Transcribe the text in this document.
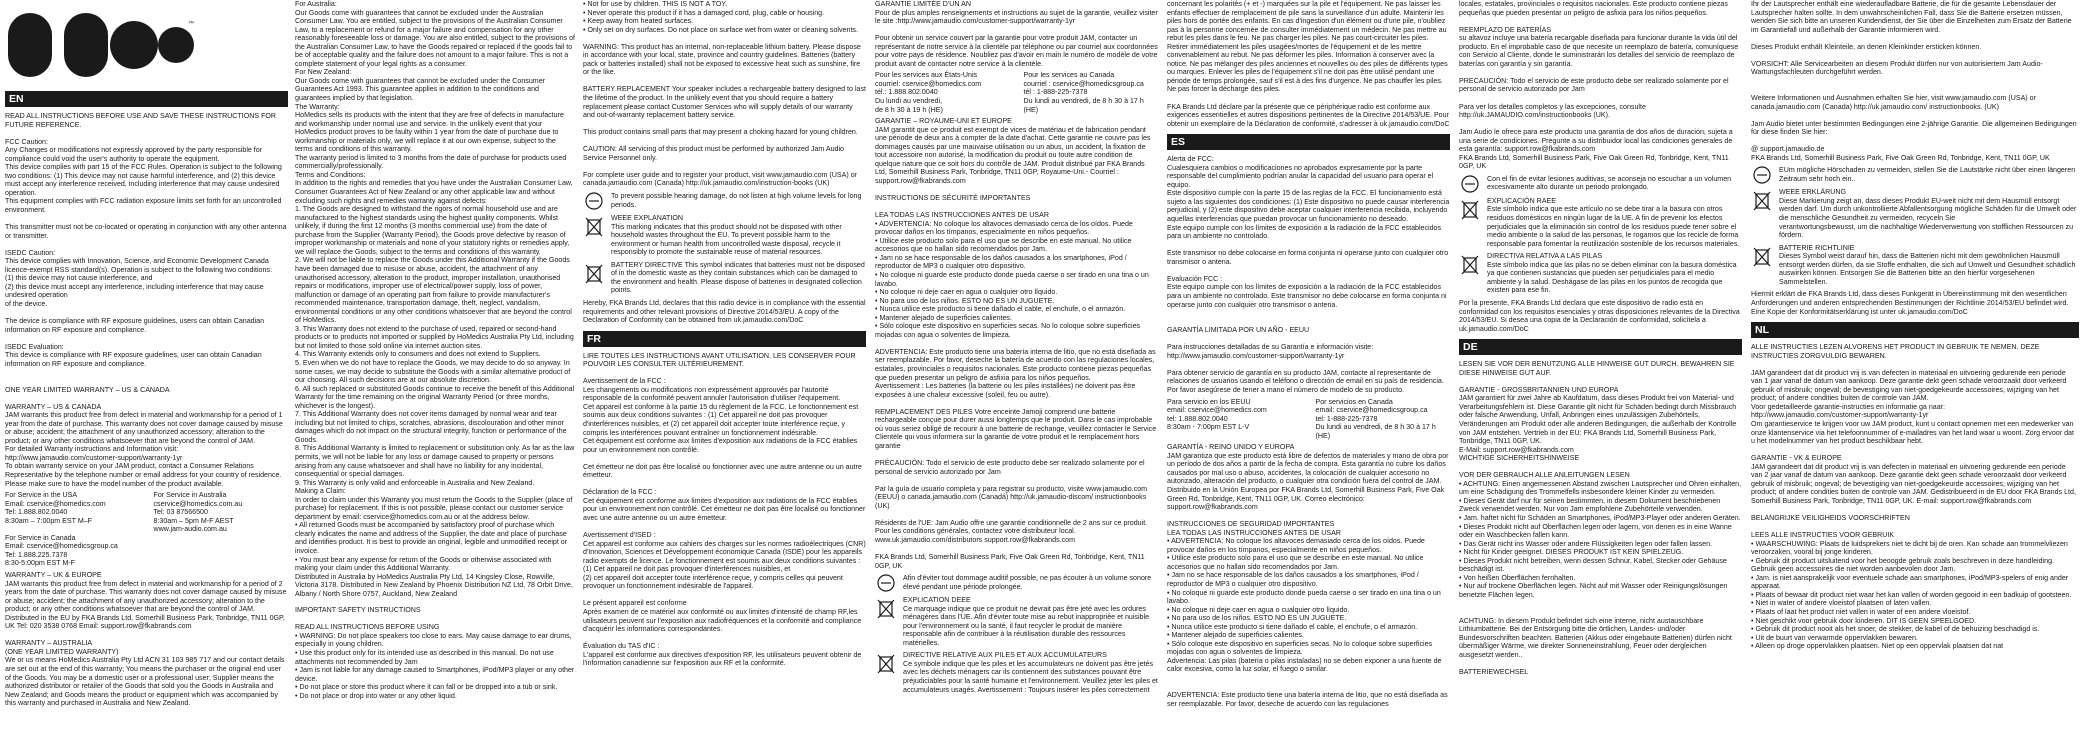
™
EN

READ ALL INSTRUCTIONS BEFORE USE AND SAVE THESE INSTRUCTIONS FOR FUTURE REFERENCE.

FCC Caution:
Any Changes or modifications not expressly approved by the party responsible for compliance could void the user's authority to operate the equipment.
This device complies with part 15 of the FCC Rules. Operation is subject to the following two conditions: (1) This device may not cause harmful interference, and (2) this device must accept any interference received, including interference that may cause undesired operation.
This equipment complies with FCC radiation exposure limits set forth for an uncontrolled environment.

This transmitter must not be co-located or operating in conjunction with any other antenna or transmitter.

ISEDC Caution:
This device complies with Innovation, Science, and Economic Development Canada licence-exempt RSS standard(s). Operation is subject to the following two conditions:
(1) this device may not cause interference, and
(2) this device must accept any interference, including interference that may cause undesired operation
of the device.

The device is compliance with RF exposure guidelines, users can obtain Canadian information on RF exposure and compliance.

ISEDC Evaluation:
This device is compliance with RF exposure guidelines, user can obtain Canadian information on RF exposure and compliance.

ONE YEAR LIMITED WARRANTY – US & CANADA

WARRANTY – US & CANADA
JAM warrants this product free from defect in material and workmanship for a period of 1 year from the date of purchase. This warranty does not cover damage caused by misuse or abuse; accident; the attachment of any unauthorized accessory; alteration to the product; or any other conditions whatsoever that are beyond the control of JAM.
For detailed Warranty instructions and Information visit:
http://www.jamaudio.com/customer-support/warranty-1yr
To obtain warranty service on your JAM product, contact a Consumer Relations Representative by the telephone number or email address for your country of residence. Please make sure to have the model number of the product available.

For Service in the USA
Email: cservice@homedics.com
Tel: 1.888.802.0040
8:30am – 7:00pm EST M–F

For Service in Canada
Email: cservice@homedicsgroup.ca
Tel: 1.888.225.7378
8:30-5:00pm EST M-F

For Service in Australia
cservice@homedics.com.au
Tel: 03 87566500
8:30am – 5pm M-F AEST
www.jam-audio.com.au

WARRANTY – UK & EUROPE
JAM warrants this product free from defect in material and workmanship for a period of 2 years from the date of purchase. This warranty does not cover damage caused by misuse or abuse; accident; the attachment of any unauthorized accessory; alteration to the product; or any other conditions whatsoever that are beyond the control of JAM. Distributed in the EU by FKA Brands Ltd, Somerhill Business Park, Tonbridge, TN11 0GP, UK Tel: 020 3538 0768 Email: support.row@fkabrands.com

WARRANTY – AUSTRALIA
(ONE YEAR LIMITED WARRANTY)
We or us means HoMedics Australia Pty Ltd ACN 31 103 985 717 and our contact details are set out at the end of this warranty; You means the purchaser or the original end user of the Goods. You may be a domestic user or a professional user; Supplier means the authorized distributor or retailer of the Goods that sold you the Goods in Australia and New Zealand; and Goods means the product or equipment which was accompanied by this warranty and purchased in Australia and New Zealand.

For Australia:
Our Goods come with guarantees that cannot be excluded under the Australian Consumer Law. You are entitled, subject to the provisions of the Australian Consumer Law, to a replacement or refund for a major failure and compensation for any other reasonably foreseeable loss or damage. You are also entitled, subject to the provisions of the Australian Consumer Law, to have the Goods repaired or replaced if the goods fail to be of acceptable quality and the failure does not amount to a major failure. This is not a complete statement of your legal rights as a consumer.
For New Zealand:
Our Goods come with guarantees that cannot be excluded under the Consumer Guarantees Act 1993. This guarantee applies in addition to the conditions and guarantees implied by that legislation.
The Warranty:
HoMedics sells its products with the intent that they are free of defects in manufacture and workmanship under normal use and service. In the unlikely event that your HoMedics product proves to be faulty within 1 year from the date of purchase due to workmanship or materials only, we will replace it at our own expense, subject to the terms and conditions of this warranty.
The warranty period is limited to 3 months from the date of purchase for products used commercially/professionally.
Terms and Conditions:
In addition to the rights and remedies that you have under the Australian Consumer Law, Consumer Guarantees Act of New Zealand or any other applicable law and without excluding such rights and remedies warranty against defects:
1. The Goods are designed to withstand the rigors of normal household use and are manufactured to the highest standards using the highest quality components. Whilst unlikely, if during the first 12 months (3 months commercial use) from the date of purchase from the Supplier (Warranty Period), the Goods prove defective by reason of improper workmanship or materials and none of your statutory rights or remedies apply, we will replace the Goods, subject to the terms and conditions of this warranty.
2. We will not be liable to replace the Goods under this Additional Warranty if the Goods have been damaged due to misuse or abuse, accident, the attachment of any unauthorised accessory, alteration to the product, improper installation, unauthorised repairs or modifications, improper use of electrical/power supply, loss of power, malfunction or damage of an operating part from failure to provide manufacturer's recommended maintenance, transportation damage, theft, neglect, vandalism, environmental conditions or any other conditions whatsoever that are beyond the control of HoMedics.
3. This Warranty does not extend to the purchase of used, repaired or second-hand products or to products not imported or supplied by HoMedics Australia Pty Ltd, including but not limited to those sold online via internet auction sites.
4. This Warranty extends only to consumers and does not extend to Suppliers.
5. Even when we do not have to replace the Goods, we may decide to do so anyway. In some cases, we may decide to substitute the Goods with a similar alternative product of our choosing. All such decisions are at our absolute discretion.
6. All such replaced or substituted Goods continue to receive the benefit of this Additional Warranty for the time remaining on the original Warranty Period (or three months, whichever is the longest).
7. This Additional Warranty does not cover items damaged by normal wear and tear including but not limited to chips, scratches, abrasions, discolouration and other minor damages which do not impact on the structural integrity, function or performance of the Goods.
8. This Additional Warranty is limited to replacement or substitution only. As far as the law permits, we will not be liable for any loss or damage caused to property or persons arising from any cause whatsoever and shall have no liability for any incidental, consequential or special damages.
9. This Warranty is only valid and enforceable in Australia and New Zealand.
Making a Claim:
In order to claim under this Warranty you must return the Goods to the Supplier (place of purchase) for replacement. If this is not possible, please contact our customer service department by email: cservice@homedics.com.au or at the address below.
• All returned Goods must be accompanied by satisfactory proof of purchase which clearly indicates the name and address of the Supplier, the date and place of purchase and identifies product. It is best to provide an original, legible and unmodified receipt or invoice.
• You must bear any expense for return of the Goods or otherwise associated with making your claim under this Additional Warranty.
Distributed in Australia by HoMedics Australia Pty Ltd, 14 Kingsley Close, Rowville, Victoria 3178. Distributed in New Zealand by Phoenix Distribution NZ Ltd, 78 Orbit Drive, Albany / North Shore 0757, Auckland, New Zealand

IMPORTANT SAFETY INSTRUCTIONS

READ ALL INSTRUCTIONS BEFORE USING
• WARNING: Do not place speakers too close to ears. May cause damage to ear drums, especially in young children.
• Use this product only for its intended use as described in this manual. Do not use attachments not recommended by Jam
• Jam is not liable for any damage caused to Smartphones, iPod/MP3 player or any other device.
• Do not place or store this product where it can fall or be dropped into a tub or sink.
• Do not place or drop into water or any other liquid.

• Not for use by children. THIS IS NOT A TOY.
• Never operate this product if it has a damaged cord, plug, cable or housing.
• Keep away from heated surfaces.
• Only set on dry surfaces. Do not place on surface wet from water or cleaning solvents.

WARNING: This product has an internal, non-replaceable lithium battery. Please dispose in accordance with your local, state, province and country guidelines. Batteries (battery pack or batteries installed) shall not be exposed to excessive heat such as sunshine, fire or the like.

BATTERY REPLACEMENT Your speaker includes a rechargeable battery designed to last the lifetime of the product. In the unlikely event that you should require a battery replacement please contact Customer Services who will supply details of our warranty and out-of-warranty replacement battery service.

This product contains small parts that may present a choking hazard for young children.

CAUTION: All servicing of this product must be performed by authorized Jam Audio Service Personnel only.

For complete user guide and to register your product, visit www.jamaudio.com (USA) or canada.jamaudio.com (Canada) http://uk.jamaudio.com/instruction-books (UK)

To prevent possible hearing damage, do not listen at high volume levels for long periods.

WEEE EXPLANATION
This marking indicates that this product should not be disposed with other household wastes throughout the EU. To prevent possible harm to the environment or human health from uncontrolled waste disposal, recycle it responsibly to promote the sustainable reuse of material resources.

BATTERY DIRECTIVE This symbol indicates that batteries must not be disposed of in the domestic waste as they contain substances which can be damaged to the environment and health. Please dispose of batteries in designated collection points.

Hereby, FKA Brands Ltd, declares that this radio device is in compliance with the essential requirements and other relevant provisions of Directive 2014/53/EU. A copy of the Declaration of Conformity can be obtained from uk.jamaudio.com/DoC

FR

LIRE TOUTES LES INSTRUCTIONS AVANT UTILISATION. LES CONSERVER POUR POUVOIR LES CONSULTER ULTÉRIEUREMENT.

Avertissement de la FCC :
Les changements ou modifications non expressément approuvés par l'autorité responsable de la conformité peuvent annuler l'autorisation d'utiliser l'équipement.
Cet appareil est conforme à la partie 15 du règlement de la FCC. Le fonctionnement est soumis aux deux conditions suivantes : (1) Cet appareil ne doit pas provoquer d'interférences nuisibles, et (2) cet appareil doit accepter toute interférence reçue, y compris les interférences pouvant entraîner un fonctionnement indésirable.
Cet équipement est conforme aux limites d'exposition aux radiations de la FCC établies pour un environnement non contrôlé.

Cet émetteur ne doit pas être localisé ou fonctionner avec une autre antenne ou un autre émetteur.

Déclaration de la FCC :
Cet équipement est conforme aux limites d'exposition aux radiations de la FCC établies pour un environnement non contrôlé. Cet émetteur ne doit pas être localisé ou fonctionner avec une autre antenne ou un autre émetteur.

Avertissement d'ISED :
Cet appareil est conforme aux cahiers des charges sur les normes radioélectriques (CNR) d'Innovation, Sciences et Développement économique Canada (ISDE) pour les appareils radio exempts de licence. Le fonctionnement est soumis aux deux conditions suivantes :
(1) Cet appareil ne doit pas provoquer d'interférences nuisibles, et
(2) cet appareil doit accepter toute interférence reçue, y compris celles qui peuvent provoquer un fonctionnement indésirable de l'appareil.

Le présent appareil est conforme
Après examen de ce matériel aux conformité ou aux limites d'intensité de champ RF,les utilisateurs peuvent sur l'exposition aux radiofréquences et la conformité and compliance d'acquérir les informations correspondantes.

Évaluation du TAS d'IC :
L'appareil est conforme aux directives d'exposition RF, les utilisateurs peuvent obtenir de l'information canadienne sur l'exposition aux RF et la conformité.

GARANTIE LIMITÉE D'UN AN
Pour de plus amples renseignements et instructions au sujet de la garantie, veuillez visiter le site :http://www.jamaudio.com/customer-support/warranty-1yr

Pour obtenir un service couvert par la garantie pour votre produit JAM, contacter un représentant de notre service à la clientèle par téléphone ou par courriel aux coordonnées pour votre pays de résidence. Noubliez pas d'avoir en main le numéro de modèle de votre produit avant de contacter notre service à la clientèle.

Pour les services aux États-Unis
courriel: cservice@homedics.com
tél.: 1.888.802.0040
Du lundi au vendredi,
de 8 h 30 à 19 h (HE)

Pour les services au Canada
courriel : cservice@homedicsgroup.ca
tél : 1-888-225-7378
Du lundi au vendredi, de 8 h 30 à 17 h (HE)

GARANTIE – ROYAUME-UNI ET EUROPE
JAM garantit que ce produit est exempt de vices de matériau et de fabrication pendant une période de deux ans à compter de la date d'achat. Cette garantie ne couvre pas les dommages causés par une mauvaise utilisation ou un abus, un accident, la fixation de tout accessoire non autorisé, la modification du produit ou toute autre condition de quelque nature que ce soit hors du contrôle de JAM. Produit distribué par FKA Brands Ltd, Somerhill Business Park, Tonbridge, TN11 0GP, Royaume-Uni.- Courriel : support.row@fkabrands.com

INSTRUCTIONS DE SÉCURITÉ IMPORTANTES

LEA TODAS LAS INSTRUCCIONES ANTES DE USAR
• ADVERTENCIA: No coloque los altavoces demasiado cerca de los oídos. Puede provocar daños en los tímpanos, especialmente en niños pequeños.
• Utilice este producto solo para el uso que se describe en este manual. No utilice accesorios que no hallan sido recomendados por Jam.
• Jam no se hace responsable de los daños causados a los smartphones, iPod / reproductor de MP3 o cualquier otro dispositivo.
• No coloque ni guarde este producto donde pueda caerse o ser tirado en una tina o un lavabo.
• No coloque ni deje caer en agua o cualquier otro líquido.
• No para uso de los niños. ESTO NO ES UN JUGUETE.
• Nunca utilice este producto si tiene dañado el cable, el enchufe, o el armazón.
• Mantener alejado de superficies calientes.
• Sólo coloque este dispositivo en superficies secas. No lo coloque sobre superficies mojadas con agua o solventes de limpieza.

ADVERTENCIA: Este producto tiene una batería interna de litio, que no está diseñada as ser reemplazable. Por favor, deseche la batería de acuerdo con las regulaciones locales, estatales, provinciales o requisitos nacionales. Este producto contiene piezas pequeñas que pueden presentar un peligro de asfixia para los niños pequeños.
Avertissement : Les batteries (la batterie ou les piles installées) ne doivent pas être exposées à une chaleur excessive (soleil, feu ou autre).

REMPLACEMENT DES PILES Votre enceinte Jamoji comprend une batterie rechargeable conçue pour durer aussi longtemps que le produit. Dans le cas improbable où vous seriez obligé de recourir à une batterie de rechange, veuillez contacter le Service Clientèle qui vous informera sur la garantie de votre produit et le remplacement hors garantie

PRÉCAUCIÓN: Todo el servicio de este producto debe ser realizado solamente por el personal de servicio autorizado por Jam

Par la guía de usuario completa y para registrar su producto, visite www.jamaudio.com (EEUU) o canada.jamaudio.com (Canadá) http://uk.jamaudio-discom/ instructionbooks (UK)

Résidents de l'UE: Jam Audio offre une garantie conditionnelle de 2 ans sur ce produit. Pour les conditions générales, contactez votre distributeur local.
www.uk.jamaudio.com/distributors support.row@fkabrands.com

FKA Brands Ltd, Somerhill Business Park, Five Oak Green Rd, Tonbridge, Kent, TN11 0GP, UK

Afin d'éviter tout dommage auditif possible, ne pas écouter à un volume sonore élevé pendant une période prolongée.

EXPLICATION DEEE
Ce marquage indique que ce produit ne devrait pas être jeté avec les ordures ménagères dans l'UE. Afin d'éviter toute mise au rebut inappropriée et nuisible pour l'environnement ou la santé, il faut recycler le produit de manière responsable afin de contribuer à la réutilisation durable des ressources matérielles.

DIRECTIVE RELATIVE AUX PILES ET AUX ACCUMULATEURS
Ce symbole indique que les piles et les accumulateurs ne doivent pas être jetés avec les déchets ménagers car ils contiennent des substances pouvant être préjudiciables pour la santé humaine et l'environnement. Veuillez jeter les piles et accumulateurs usagés. Avertissement : Toujours insérer les piles correctement

concernant les polarités (+ et -) marquées sur la pile et l'équipement. Ne pas laisser les enfants effectuer de remplacement de pile sans la surveillance d'un adulte. Maintenir les piles hors de portée des enfants. En cas d'ingestion d'un élément ou d'une pile, n'oubliez pas à la personne concernée de consulter immédiatement un médecin. Ne pas mettre au rebut les piles dans le feu. Ne pas charger les piles. Ne pas court-circuiter les piles. Retirer immédiatement les piles usagées/mortes de l'équipement et de les mettre convenablement au rebut. Ne pas déformer les piles. Information à conserver avec la notice. Ne pas mélanger des piles anciennes et nouvelles ou des piles de différents types ou marques. Enlever les piles de l'équipement s'il ne doit pas être utilisé pendant une période de temps prolongée, sauf s'il est à des fins d'urgence. Ne pas chauffer les piles. Ne pas forcer la décharge des piles.

FKA Brands Ltd déclare par la présente que ce périphérique radio est conforme aux exigences essentielles et autres dispositions pertinentes de la Directive 2014/53/UE. Pour obtenir un exemplaire de la Déclaration de conformité, s'adresser à uk.jamaudio.com/DoC

ES

Alerta de FCC:
Cualesquiera cambios o modificaciones no aprobados expresamente por la parte responsable del cumplimiento podrían anular la capacidad del usuario para operar el equipo.
Este dispositivo cumple con la parte 15 de las reglas de la FCC. El funcionamiento está sujeto a las siguientes dos condiciones: (1) Este dispositivo no puede causar interferencia perjudicial, y (2) este dispositivo debe aceptar cualquier interferencia recibida, incluyendo aquellas interferencias que puedan provocar un funcionamiento no deseado.
Este equipo cumple con los límites de exposición a la radiación de la FCC establecidos para un ambiente no controlado.

Este transmisor no debe colocarse en forma conjunta ni operarse junto con cualquier otro transmisor o antena.

Evaluación FCC :
Este equipo cumple con los límites de exposición a la radiación de la FCC establecidos para un ambiente no controlado. Este transmisor no debe colocarse en forma conjunta ni operarse junto con cualquier otro transmisor o antena.

GARANTÍA LIMITADA POR UN AÑO - EEUU

Para instrucciones detalladas de su Garantía e información visite:
http://www.jamaudio.com/customer-support/warranty-1yr

Para obtener servicio de garantía en su producto JAM, contacte al representante de relaciones de usuarios usando el teléfono o dirección de email en su país de residencia. Por favor asegúrese de tener a mano el número de modelo de su producto.

Para servicio en los EEUU
email: cservice@homedics.com
tel: 1.888.802.0040
8:30am - 7:00pm EST L-V

Por servicios en Canada
email: cservice@homedicsgroup.ca
tel: 1-888-225-7378
Du lundi au vendredi, de 8 h 30 à 17 h (HE)

GARANTÍA - REINO UNIDO Y EUROPA
JAM garantiza que este producto está libre de defectos de materiales y mano de obra por un período de dos años a partir de la fecha de compra. Esta garantía no cubre los daños causados por mal uso o abuso, accidentes, la colocación de cualquier accesorio no autorizado, alteración del producto, o cualquier otra condición fuera del control de JAM. Distribuido en la Unión Europea por FKA Brands Ltd, Somerhill Business Park, Five Oak Green Rd, Tonbridge, Kent, TN11 0GP, UK. Correo electrónico: support.row@fkabrands.com

INSTRUCCIONES DE SEGURIDAD IMPORTANTES
LEA TODAS LAS INSTRUCCIONES ANTES DE USAR
• ADVERTENCIA: No coloque los altavoces demasiado cerca de los oídos. Puede provocar daños en los tímpanos, especialmente en niños pequeños.
• Utilice este producto solo para el uso que se describe en este manual. No utilice accesorios que no hallan sido recomendados por Jam.
• Jam no se hace responsable de los daños causados a los smartphones, iPod / reproductor de MP3 o cualquier otro dispositivo.
• No coloque ni guarde este producto donde pueda caerse o ser tirado en una tina o un lavabo.
• No coloque ni deje caer en agua o cualquier otro líquido.
• No para uso de los niños. ESTO NO ES UN JUGUETE.
• Nunca utilice este producto si tiene dañado el cable, el enchufe, o el armazón.
• Mantener alejado de superficies calientes.
• Sólo coloque este dispositivo en superficies secas. No lo coloque sobre superficies mojadas con agua o solventes de limpieza.
Advertencia: Las pilas (batería o pilas instaladas) no se deben exponer a una fuente de calor excesiva, como la luz solar, el fuego o similar.

ADVERTENCIA: Este producto tiene una batería interna de litio, que no está diseñada as ser reemplazable. Por favor, deseche de acuerdo con las regulaciones

locales, estatales, provinciales o requisitos nacionales. Este producto contiene piezas pequeñas que pueden presentar un peligro de asfixia para los niños pequeños.

REEMPLAZO DE BATERÍAS
su altavoz incluye una batería recargable diseñada para funcionar durante la vida útil del producto. En el improbable caso de que necesite un reemplazo de batería, comuníquese con Servicio al Cliente, donde le suministrarán los detalles del servicio de reemplazo de baterías con garantía y sin garantía.

PRECAUCIÓN: Todo el servicio de este producto debe ser realizado solamente por el personal de servicio autorizado por Jam

Para ver los detalles completos y las excepciones, consulte http://uk.JAMAUDIO.com/instructionbooks (UK).

Jam Audio le ofrece para este producto una garantía de dos años de duración, sujeta a una serie de condiciones. Pregunte a su distribuidor local las condiciones generales de esta garantía: support.row@fkabrands.com
FKA Brands Ltd, Somerhill Business Park, Five Oak Green Rd, Tonbridge, Kent, TN11 0GP, UK

Con el fin de evitar lesiones auditivas, se aconseja no escuchar a un volumen excesivamente alto durante un periodo prolongado.

EXPLICACIÓN RAEE
Este símbolo indica que este artículo no se debe tirar a la basura con otros residuos domésticos en ningún lugar de la UE. A fin de prevenir los efectos perjudiciales que la eliminación sin control de los residuos puede tener sobre el medio ambiente o la salud de las personas, le rogamos que los recicle de forma responsable para fomentar la reutilización sostenible de los recursos materiales.

DIRECTIVA RELATIVA A LAS PILAS
Este símbolo indica que las pilas no se deben eliminar con la basura doméstica ya que contienen sustancias que pueden ser perjudiciales para el medio ambiente y la salud. Deshágase de las pilas en los puntos de recogida que existen para ese fin.

Por la presente, FKA Brands Ltd declara que este dispositivo de radio está en conformidad con los requisitos esenciales y otras disposiciones relevantes de la Directiva 2014/53/EU. Si desea una copia de la Declaración de conformidad, solicítela a uk.jamaudio.com/DoC

DE

LESEN SIE VOR DER BENUTZUNG ALLE HINWEISE GUT DURCH. BEWAHREN SIE DIESE HINWEISE GUT AUF.

GARANTIE - GROSSBRITANNIEN UND EUROPA
JAM garantiert für zwei Jahre ab Kaufdatum, dass dieses Produkt frei von Material- und Verarbeitungsfehlern ist. Diese Garantie gilt nicht für Schäden bedingt durch Missbrauch oder falsche Anwendung, Unfall, Anbringen eines unzulässigen Zubehörteils, Veränderungen am Produkt oder alle anderen Bedingungen, die außerhalb der Kontrolle von JAM entstehen. Vertrieb in der EU: FKA Brands Ltd, Somerhill Business Park, Tonbridge, TN11 0GP, UK.
E-Mail: support.row@fkabrands.com
WICHTIGE SICHERHEITSHINWEISE

VOR DER GEBRAUCH ALLE ANLEITUNGEN LESEN
• ACHTUNG: Einen angemessenen Abstand zwischen Lautsprecher und Ohren einhalten, um eine Schädigung des Trommelfells insbesondere kleiner Kinder zu vermeiden.
• Dieses Gerät darf nur für seinen bestimmten, in diesem Dokument beschriebenen Zweck verwendet werden. Nur von Jam empfohlene Zubehörteile verwenden.
• Jam. haftet nicht für Schäden an Smartphones, iPod/MP3-Player oder anderen Geräten.
• Dieses Produkt nicht auf Oberflächen legen oder lagern, von denen es in eine Wanne oder ein Waschbecken fallen kann.
• Das Gerät nicht ins Wasser oder andere Flüssigkeiten legen oder fallen lassen.
• Nicht für Kinder geeignet. DIESES PRODUKT IST KEIN SPIELZEUG.
• Dieses Produkt nicht betreiben, wenn dessen Schnur, Kabel, Stecker oder Gehäuse beschädigt ist.
• Von heißen Oberflächen fernhalten.
• Nur auf trockene Oberflächen legen. Nicht auf mit Wasser oder Reinigungslösungen benetzte Flächen legen.

ACHTUNG: In diesem Produkt befindet sich eine interne, nicht austauschbare Lithiumbatterie. Bei der Entsorgung bitte die örtlichen, Landes- und/oder Bundesvorschriften beachten. Batterien (Akkus oder eingebaute Batterien) dürfen nicht übermäßiger Wärme, wie direkter Sonneneinstrahlung, Feuer oder dergleichen ausgesetzt werden..

BATTERIEWECHSEL

Ihr der Lautsprecher enthält eine wiederaufladbare Batterie, die für die gesamte Lebensdauer der Lautsprecher halten sollte. In dem unwahrscheinlichen Fall, dass Sie die Batterie ersetzen müssen, wenden Sie sich bitte an unseren Kundendienst, der Sie über die Einzelheiten zum Ersatz der Batterie im Garantiefall und außerhalb der Garantie informieren wird.

Dieses Produkt enthält Kleinteile, an denen Kleinkinder ersticken können.

VORSICHT: Alle Servicearbeiten an diesem Produkt dürfen nur von autorisiertem Jam Audio- Wartungsfachleuten durchgeführt werden.

Weitere Informationen und Ausnahmen erhalten Sie hier, visit www.jamaudio.com (USA) or canada.jamaudio.com (Canada) http://uk.jamaudio.com/ instructionbooks. (UK)

Jam Audio bietet unter bestimmten Bedingungen eine 2-jährige Garantie. Die allgemeinen Bedingungen für diese finden Sie hier:

@ support.jamaudio.de
FKA Brands Ltd, Somerhill Business Park, Five Oak Green Rd, Tonbridge, Kent, TN11 0GP, UK

EUm mögliche Hörschaden zu vermeiden, stellen Sie die Lautstärke nicht über einen längeren Zeitraum sehr hoch ein..

WEEE ERKLÄRUNG
Diese Markierung zeigt an, dass dieses Produkt EU-weit nicht mit dem Hausmüll entsorgt werden darf. Um durch unkontrollierte Abfallentsorgung mögliche Schäden für die Umwelt oder die menschliche Gesundheit zu vermeiden, recyceln Sie
verantwortungsbewusst, um die nachhaltige Wiederverwertung von stofflichen Ressourcen zu fördern.

BATTERIE RICHTLINIE
Dieses Symbol weist darauf hin, dass die Batterien nicht mit dem gewöhnlichen Hausmüll entsorgt werden dürfen, da sie Stoffe enthalten, die sich auf Umwelt und Gesundheit schädlich auswirken können. Entsorgen Sie die Batterien bitte an den hierfür vorgesehenen Sammelstellen.

Hiermit erklärt die FKA Brands Ltd, dass dieses Funkgerät in Übereinstimmung mit den wesentlichen Anforderungen und anderen entsprechenden Bestimmungen der Richtlinie 2014/53/EU befindet wird. Eine Kopie der Konformitätserklärung ist unter uk.jamaudio.com/DoC

NL

ALLE INSTRUCTIES LEZEN ALVORENS HET PRODUCT IN GEBRUIK TE NEMEN. DEZE INSTRUCTIES ZORGVULDIG BEWAREN.

JAM garandeert dat dit product vrij is van defecten in materiaal en uitvoering gedurende een periode van 1 jaar vanaf de datum van aankoop. Deze garantie dekt geen schade veroorzaakt door verkeerd gebruik of misbruik; ongeval; de bevestiging van niet-goedgekeurde accessoires, wijziging van het product; of andere condities buiten de controle van JAM.
Voor gedetailleerde garantie-instructies en informatie ga naar:
http://www.jamaudio.com/customer-support/warranty-1yr
Om garantieservice te krijgen voor uw JAM product, kunt u contact opnemen met een medewerker van onze klantenservice via het telefoonnummer of e-mailadres van het land waar u woont. Zorg ervoor dat u het modelnummer van het product beschikbaar hebt.

GARANTIE - VK & EUROPE
JAM garandeert dat dit product vrij is van defecten in materiaal en uitvoering gedurende een periode van 2 jaar vanaf de datum van aankoop. Deze garantie dekt geen schade veroorzaakt door verkeerd gebruik of misbruik; ongeval; de bevestiging van niet-goedgekeurde accessoires; wijziging van het product; of andere condities buiten de controle van JAM. Gedistribueerd in de EU door FKA Brands Ltd, Somerhill Business Park, Tonbridge, TN11 0GP, UK. E-mail: support.row@fkabrands.com

BELANGRIJKE VEILIGHEIDS VOORSCHRIFTEN

LEES ALLE INSTRUCTIES VOOR GEBRUIK
• WAARSCHUWING: Plaats de luidsprekers niet te dicht bij de oren. Kan schade aan trommelvliezen veroorzaken, vooral bij jonge kinderen.
• Gebruik dit product uitsluitend voor het beoogde gebruik zoals beschreven in deze handleiding. Gebruik geen accessoires die niet worden aanbevolen door Jam.
• Jam. is niet aansprakelijk voor eventuele schade aan smartphones, iPod/MP3-spelers of enig ander apparaat.
• Plaats of bewaar dit product niet waar het kan vallen of worden gegooid in een badkuip of gootsteen.
• Niet in water of andere vloeistof plaatsen of laten vallen.
• Plaats of laat het product niet vallen in water of een andere vloeistof.
• Niet geschikt voor gebruik door kinderen. DIT IS GEEN SPEELGOED.
• Gebruik dit product nooit als het snoer, de stekker, de kabel of de behuizing beschadigd is.
• Uit de buurt van verwarmde oppervlakken bewaren.
• Alleen op droge oppervlakken plaatsen. Niet op een oppervlak plaatsen dat nat
